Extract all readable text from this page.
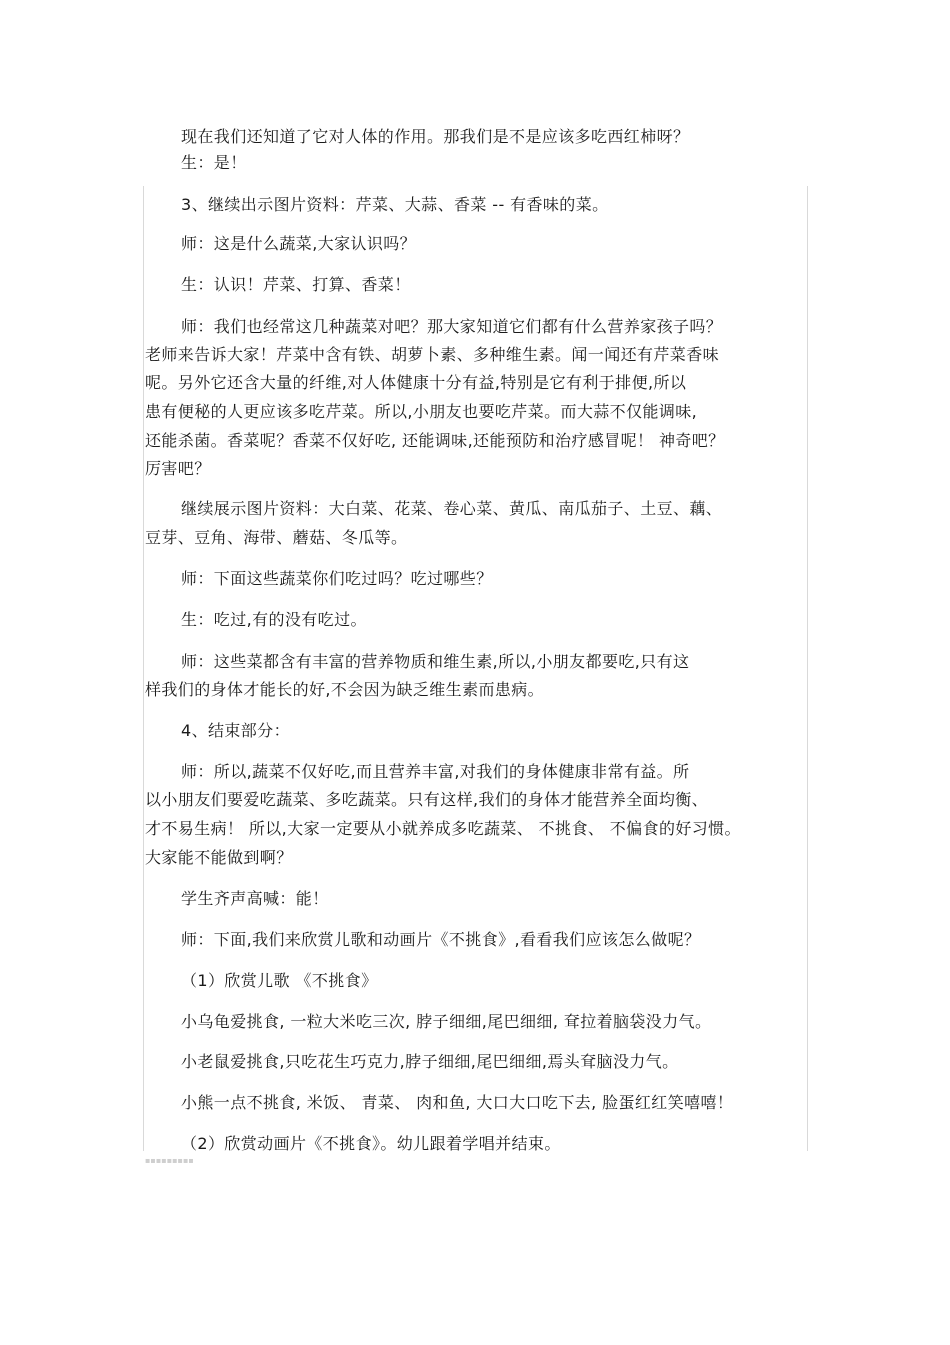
现在我们还知道了它对人体的作用。那我们是不是应该多吃西红柿呀？
生：是！
3、继续出示图片资料：芹菜、大蒜、香菜 -- 有香味的菜。
师：这是什么蔬菜,大家认识吗？
生：认识！芹菜、打算、香菜！
师：我们也经常这几种蔬菜对吧？那大家知道它们都有什么营养家孩子吗？
老师来告诉大家！芹菜中含有铁、胡萝卜素、多种维生素。闻一闻还有芹菜香味
呢。另外它还含大量的纤维,对人体健康十分有益,特别是它有利于排便,所以
患有便秘的人更应该多吃芹菜。所以,小朋友也要吃芹菜。而大蒜不仅能调味,
还能杀菌。香菜呢？香菜不仅好吃, 还能调味,还能预防和治疗感冒呢！ 神奇吧？
厉害吧？
继续展示图片资料：大白菜、花菜、卷心菜、黄瓜、南瓜茄子、土豆、藕、
豆芽、豆角、海带、蘑菇、冬瓜等。
师：下面这些蔬菜你们吃过吗？吃过哪些？
生：吃过,有的没有吃过。
师：这些菜都含有丰富的营养物质和维生素,所以,小朋友都要吃,只有这
样我们的身体才能长的好,不会因为缺乏维生素而患病。
4、结束部分：
师：所以,蔬菜不仅好吃,而且营养丰富,对我们的身体健康非常有益。所
以小朋友们要爱吃蔬菜、多吃蔬菜。只有这样,我们的身体才能营养全面均衡、
才不易生病！ 所以,大家一定要从小就养成多吃蔬菜、 不挑食、 不偏食的好习惯。
大家能不能做到啊？
学生齐声高喊：能！
师：下面,我们来欣赏儿歌和动画片《不挑食》,看看我们应该怎么做呢？
（1）欣赏儿歌 《不挑食》
小乌龟爱挑食, 一粒大米吃三次, 脖子细细,尾巴细细, 耷拉着脑袋没力气。
小老鼠爱挑食,只吃花生巧克力,脖子细细,尾巴细细,焉头耷脑没力气。
小熊一点不挑食, 米饭、 青菜、 肉和鱼, 大口大口吃下去, 脸蛋红红笑嘻嘻！
（2）欣赏动画片《不挑食》。幼儿跟着学唱并结束。
▪▪▪▪▪▪▪▪▪
